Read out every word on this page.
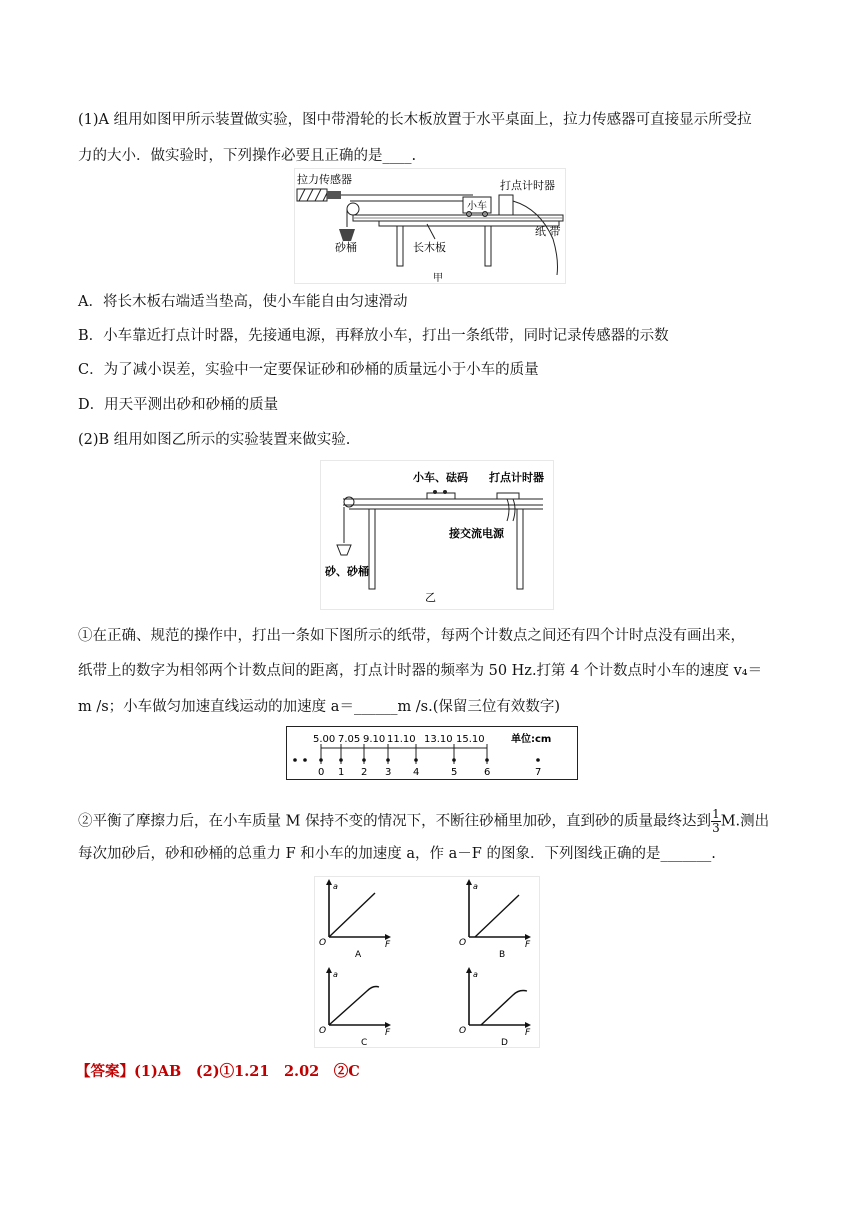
(1)A 组用如图甲所示装置做实验，图中带滑轮的长木板放置于水平桌面上，拉力传感器可直接显示所受拉
力的大小．做实验时，下列操作必要且正确的是____.
拉力传感器
小车
打点计时器
砂桶	长木板
纸 带
甲
A．将长木板右端适当垫高，使小车能自由匀速滑动
B．小车靠近打点计时器，先接通电源，再释放小车，打出一条纸带，同时记录传感器的示数
C．为了减小误差，实验中一定要保证砂和砂桶的质量远小于小车的质量
D．用天平测出砂和砂桶的质量
(2)B 组用如图乙所示的实验装置来做实验.
小车、砝码 打点计时器
接交流电源
砂、砂桶
乙
①在正确、规范的操作中，打出一条如下图所示的纸带，每两个计数点之间还有四个计时点没有画出来，
纸带上的数字为相邻两个计数点间的距离，打点计时器的频率为 50 Hz.打第 4 个计数点时小车的速度 v₄＝
m /s；小车做匀加速直线运动的加速度 a＝______m /s.(保留三位有效数字)
5.00 7.05 9.10 11.10 13.10 15.10	单位:cm
0 1 2 3 4	5	6	7
②平衡了摩擦力后，在小车质量 M 保持不变的情况下，不断往砂桶里加砂，直到砂的质量最终达到 $\frac{1}{3} M$.测出
每次加砂后，砂和砂桶的总重力 F 和小车的加速度 a，作 a－F 的图象．下列图线正确的是_______.
a
F
O
A
a
F
O
B
a
F
O
C
a
F
O
D
【答案】(1)AB　(2)①1.21　2.02　②C
